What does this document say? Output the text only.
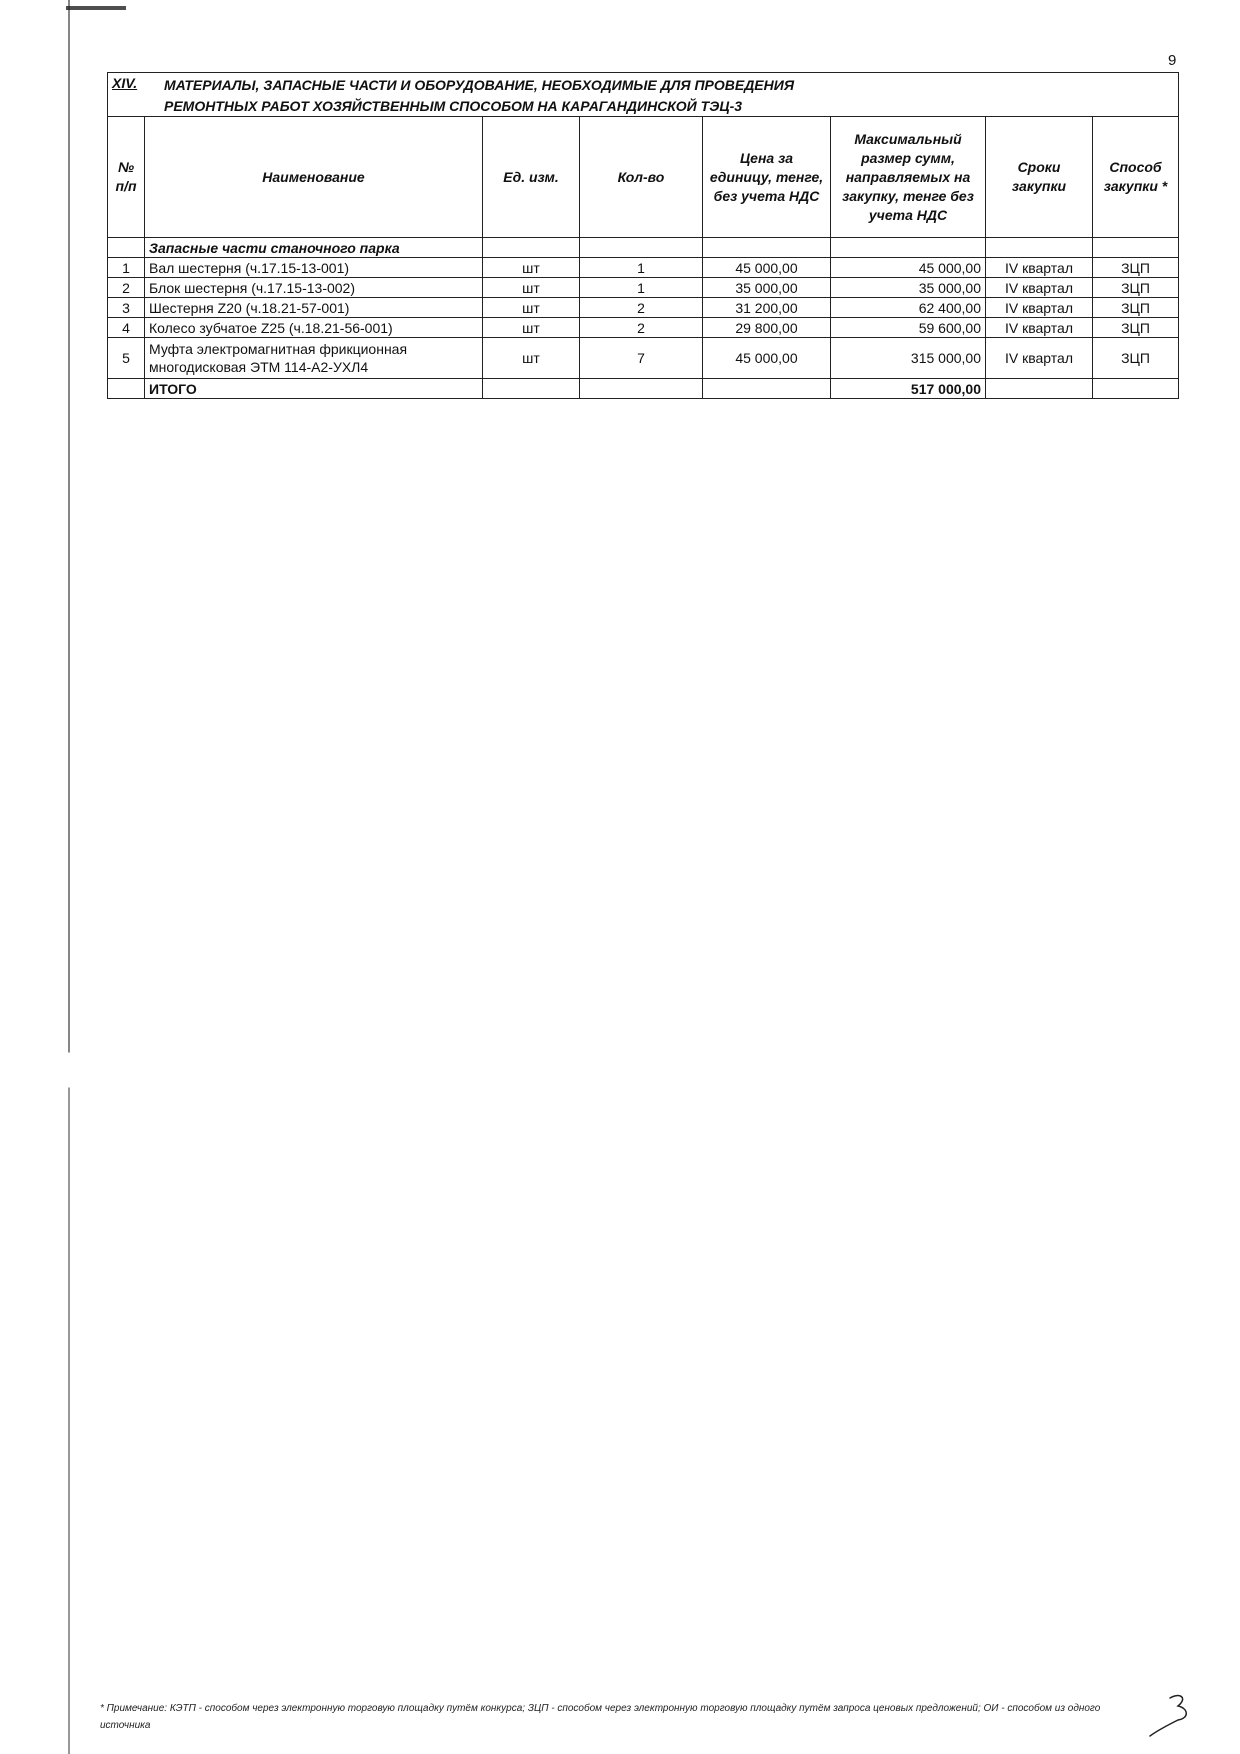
9
XIV. МАТЕРИАЛЫ, ЗАПАСНЫЕ ЧАСТИ И ОБОРУДОВАНИЕ, НЕОБХОДИМЫЕ ДЛЯ ПРОВЕДЕНИЯ
РЕМОНТНЫХ РАБОТ ХОЗЯЙСТВЕННЫМ СПОСОБОМ НА КАРАГАНДИНСКОЙ ТЭЦ-3
№ п/п	Наименование	Ед. изм.	Кол-во	Цена за единицу, тенге, без учета НДС	Максимальный размер сумм, направляемых на закупку, тенге без учета НДС	Сроки закупки	Способ закупки *
	Запасные части станочного парка						
1	Вал шестерня (ч.17.15-13-001)	шт	1	45 000,00	45 000,00	IV квартал	ЗЦП
2	Блок шестерня (ч.17.15-13-002)	шт	1	35 000,00	35 000,00	IV квартал	ЗЦП
3	Шестерня Z20 (ч.18.21-57-001)	шт	2	31 200,00	62 400,00	IV квартал	ЗЦП
4	Колесо зубчатое Z25 (ч.18.21-56-001)	шт	2	29 800,00	59 600,00	IV квартал	ЗЦП
5	Муфта электромагнитная фрикционная многодисковая ЭТМ 114-А2-УХЛ4	шт	7	45 000,00	315 000,00	IV квартал	ЗЦП
	ИТОГО				517 000,00		
* Примечание: КЭТП - способом через электронную торговую площадку путём конкурса; ЗЦП - способом через электронную торговую площадку путём запроса ценовых предложений; ОИ - способом из одного источника
